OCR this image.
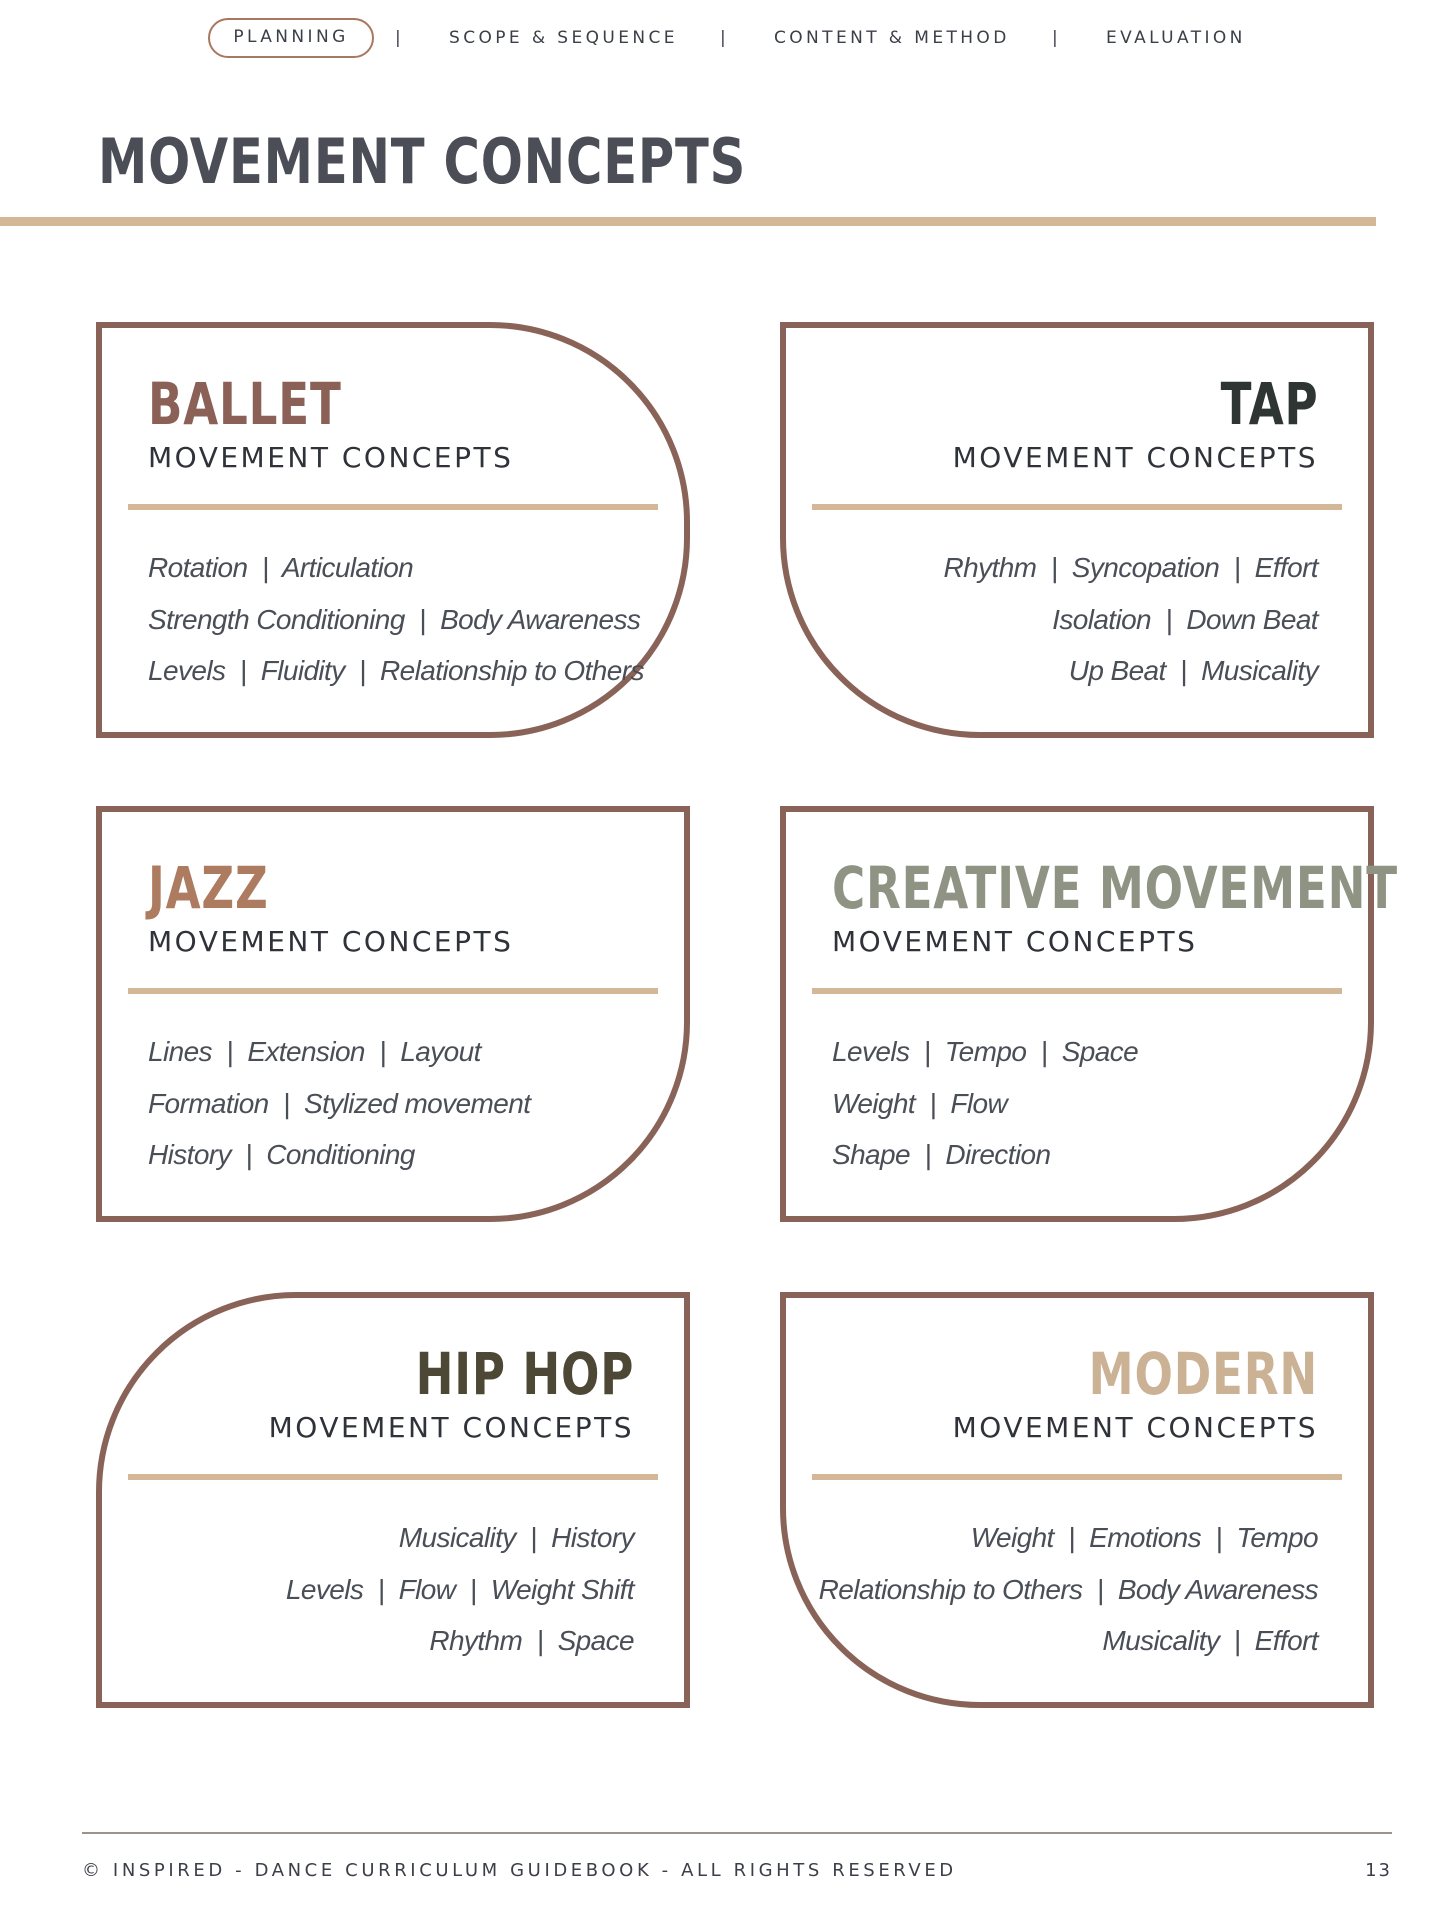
PLANNING	|	SCOPE & SEQUENCE |	CONTENT & METHOD |	EVALUATION
MOVEMENT CONCEPTS
BALLET
MOVEMENT CONCEPTS
Rotation  |  Articulation
Strength Conditioning  |  Body Awareness
Levels  |  Fluidity  |  Relationship to Others
TAP
MOVEMENT CONCEPTS
Rhythm  |  Syncopation  |  Effort
Isolation  |  Down Beat
Up Beat  |  Musicality
JAZZ
MOVEMENT CONCEPTS
Lines  |  Extension  |  Layout
Formation  |  Stylized movement
History  |  Conditioning
CREATIVE MOVEMENT
MOVEMENT CONCEPTS
Levels  |  Tempo  |  Space
Weight  |  Flow
Shape  |  Direction
HIP HOP
MOVEMENT CONCEPTS
Musicality  |  History
Levels  |  Flow  |  Weight Shift
Rhythm  |  Space
MODERN
MOVEMENT CONCEPTS
Weight  |  Emotions  |  Tempo
Relationship to Others  |  Body Awareness
Musicality  |  Effort
© INSPIRED - DANCE CURRICULUM GUIDEBOOK - ALL RIGHTS RESERVED	13
